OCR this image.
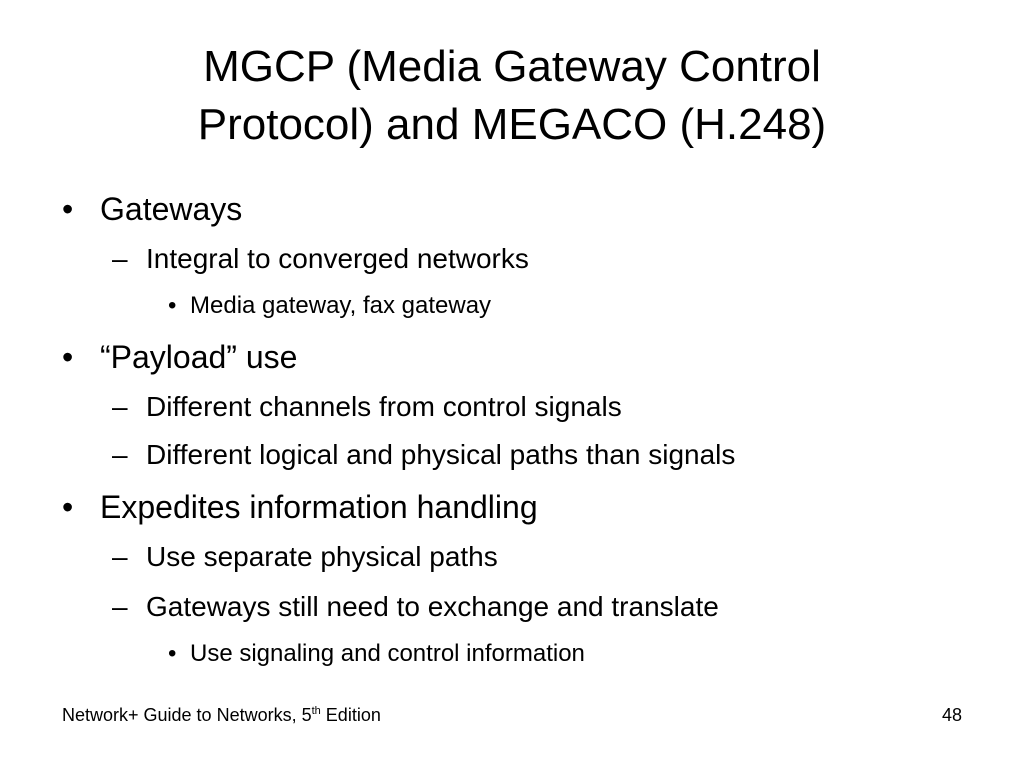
MGCP (Media Gateway Control
Protocol) and MEGACO (H.248)
• Gateways
– Integral to converged networks
• Media gateway, fax gateway
• “Payload” use
– Different channels from control signals
– Different logical and physical paths than signals
• Expedites information handling
– Use separate physical paths
– Gateways still need to exchange and translate
• Use signaling and control information
Network+ Guide to Networks, 5th Edition	48
